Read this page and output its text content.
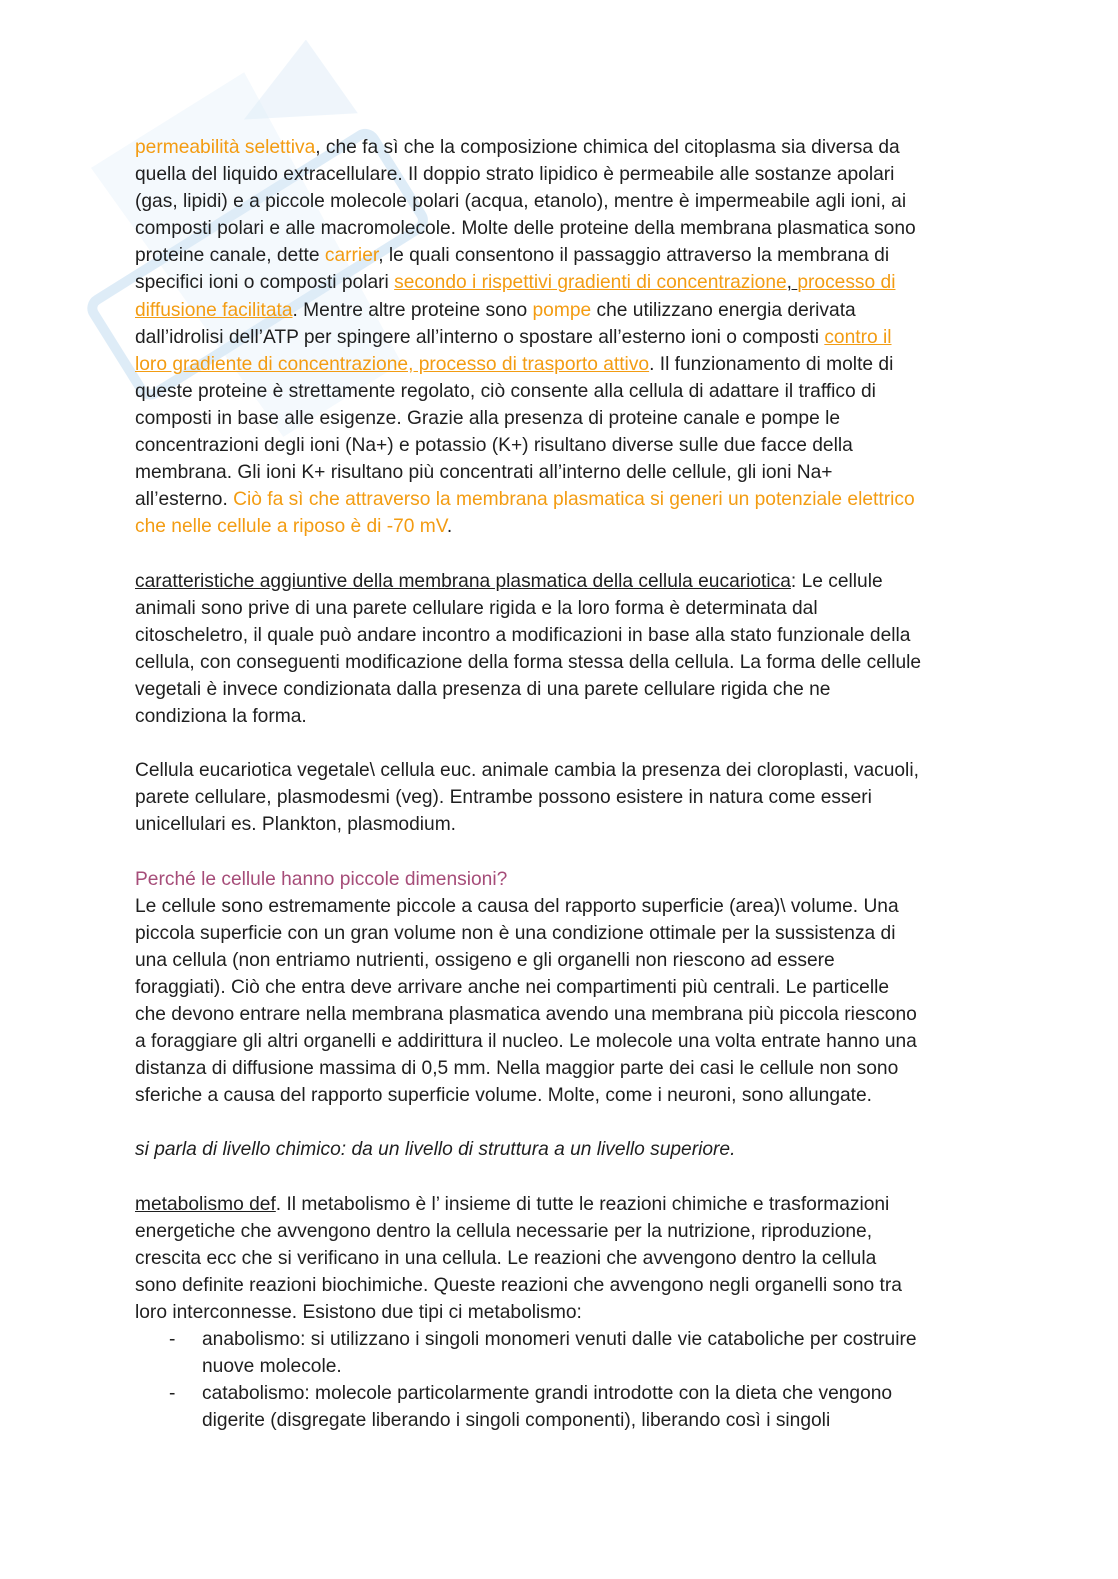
permeabilità selettiva, che fa sì che la composizione chimica del citoplasma sia diversa da
quella del liquido extracellulare. Il doppio strato lipidico è permeabile alle sostanze apolari
(gas, lipidi) e a piccole molecole polari (acqua, etanolo), mentre è impermeabile agli ioni, ai
composti polari e alle macromolecole. Molte delle proteine della membrana plasmatica sono
proteine canale, dette carrier, le quali consentono il passaggio attraverso la membrana di
specifici ioni o composti polari secondo i rispettivi gradienti di concentrazione, processo di
diffusione facilitata. Mentre altre proteine sono pompe che utilizzano energia derivata
dall’idrolisi dell’ATP per spingere all’interno o spostare all’esterno ioni o composti contro il
loro gradiente di concentrazione, processo di trasporto attivo. Il funzionamento di molte di
queste proteine è strettamente regolato, ciò consente alla cellula di adattare il traffico di
composti in base alle esigenze. Grazie alla presenza di proteine canale e pompe le
concentrazioni degli ioni (Na+) e potassio (K+) risultano diverse sulle due facce della
membrana. Gli ioni K+ risultano più concentrati all’interno delle cellule, gli ioni Na+
all’esterno. Ciò fa sì che attraverso la membrana plasmatica si generi un potenziale elettrico
che nelle cellule a riposo è di -70 mV.
caratteristiche aggiuntive della membrana plasmatica della cellula eucariotica: Le cellule
animali sono prive di una parete cellulare rigida e la loro forma è determinata dal
citoscheletro, il quale può andare incontro a modificazioni in base alla stato funzionale della
cellula, con conseguenti modificazione della forma stessa della cellula. La forma delle cellule
vegetali è invece condizionata dalla presenza di una parete cellulare rigida che ne
condiziona la forma.
Cellula eucariotica vegetale\ cellula euc. animale cambia la presenza dei cloroplasti, vacuoli,
parete cellulare, plasmodesmi (veg). Entrambe possono esistere in natura come esseri
unicellulari es. Plankton, plasmodium.
Perché le cellule hanno piccole dimensioni?
Le cellule sono estremamente piccole a causa del rapporto superficie (area)\ volume. Una
piccola superficie con un gran volume non è una condizione ottimale per la sussistenza di
una cellula (non entriamo nutrienti, ossigeno e gli organelli non riescono ad essere
foraggiati). Ciò che entra deve arrivare anche nei compartimenti più centrali. Le particelle
che devono entrare nella membrana plasmatica avendo una membrana più piccola riescono
a foraggiare gli altri organelli e addirittura il nucleo. Le molecole una volta entrate hanno una
distanza di diffusione massima di 0,5 mm. Nella maggior parte dei casi le cellule non sono
sferiche a causa del rapporto superficie volume. Molte, come i neuroni, sono allungate.
si parla di livello chimico: da un livello di struttura a un livello superiore.
metabolismo def. Il metabolismo è l’ insieme di tutte le reazioni chimiche e trasformazioni
energetiche che avvengono dentro la cellula necessarie per la nutrizione, riproduzione,
crescita ecc che si verificano in una cellula. Le reazioni che avvengono dentro la cellula
sono definite reazioni biochimiche. Queste reazioni che avvengono negli organelli sono tra
loro interconnesse. Esistono due tipi ci metabolismo:
- anabolismo: si utilizzano i singoli monomeri venuti dalle vie cataboliche per costruire
nuove molecole.
- catabolismo: molecole particolarmente grandi introdotte con la dieta che vengono
digerite (disgregate liberando i singoli componenti), liberando così i singoli
